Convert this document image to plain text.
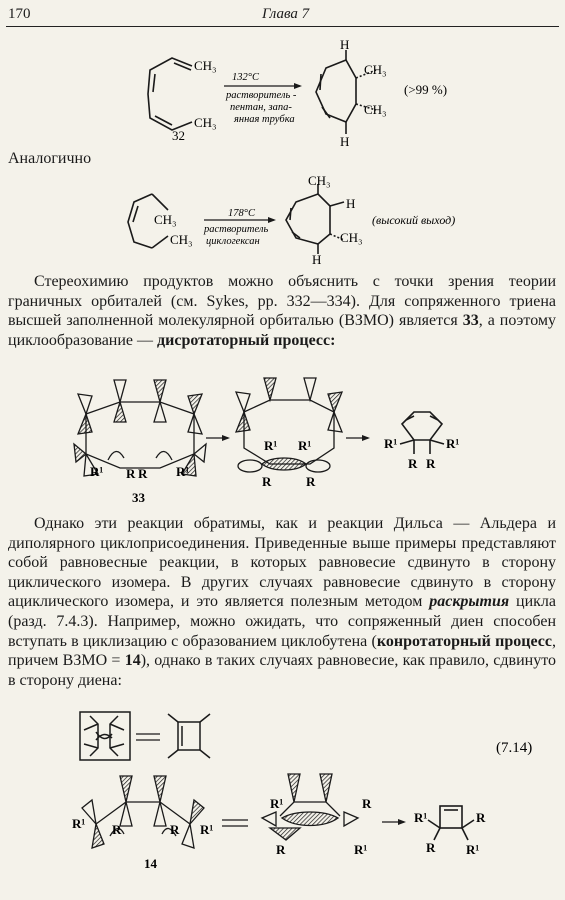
170	Глава 7
CH₃
CH₃
32
132°C
растворитель -
пентан, запа-
янная трубка
H
H
CH₃
CH₃
(>99 %)
Аналогично
CH₃
CH₃
178°C
растворитель
циклогексан
CH₃
H
CH₃
H
(высокий выход)

Стереохимию продуктов можно объяснить с точки зрения теории граничных орбиталей (см. Sykes, pp. 332—334). Для сопряженного триена высшей заполненной молекулярной орбиталью (ВЗМО) является 33, а поэтому циклообразование — дисротаторный процесс:

R¹ R R R¹
33
R¹ R¹
R	R
R¹	R¹
R R

Однако эти реакции обратимы, как и реакции Дильса — Альдера и диполярного циклоприсоединения. Приведенные выше примеры представляют собой равновесные реакции, в которых равновесие сдвинуто в сторону циклического изомера. В других случаях равновесие сдвинуто в сторону ациклического изомера, и это является полезным методом раскрытия цикла (разд. 7.4.3). Например, можно ожидать, что сопряженный диен способен вступать в циклизацию с образованием циклобутена (конротаторный процесс, причем ВЗМО = 14), однако в таких случаях равновесие, как правило, сдвинуто в сторону диена:

(7.14)
R¹ R	R R¹
14
R¹	R
R	R¹
R¹	R
R R¹
